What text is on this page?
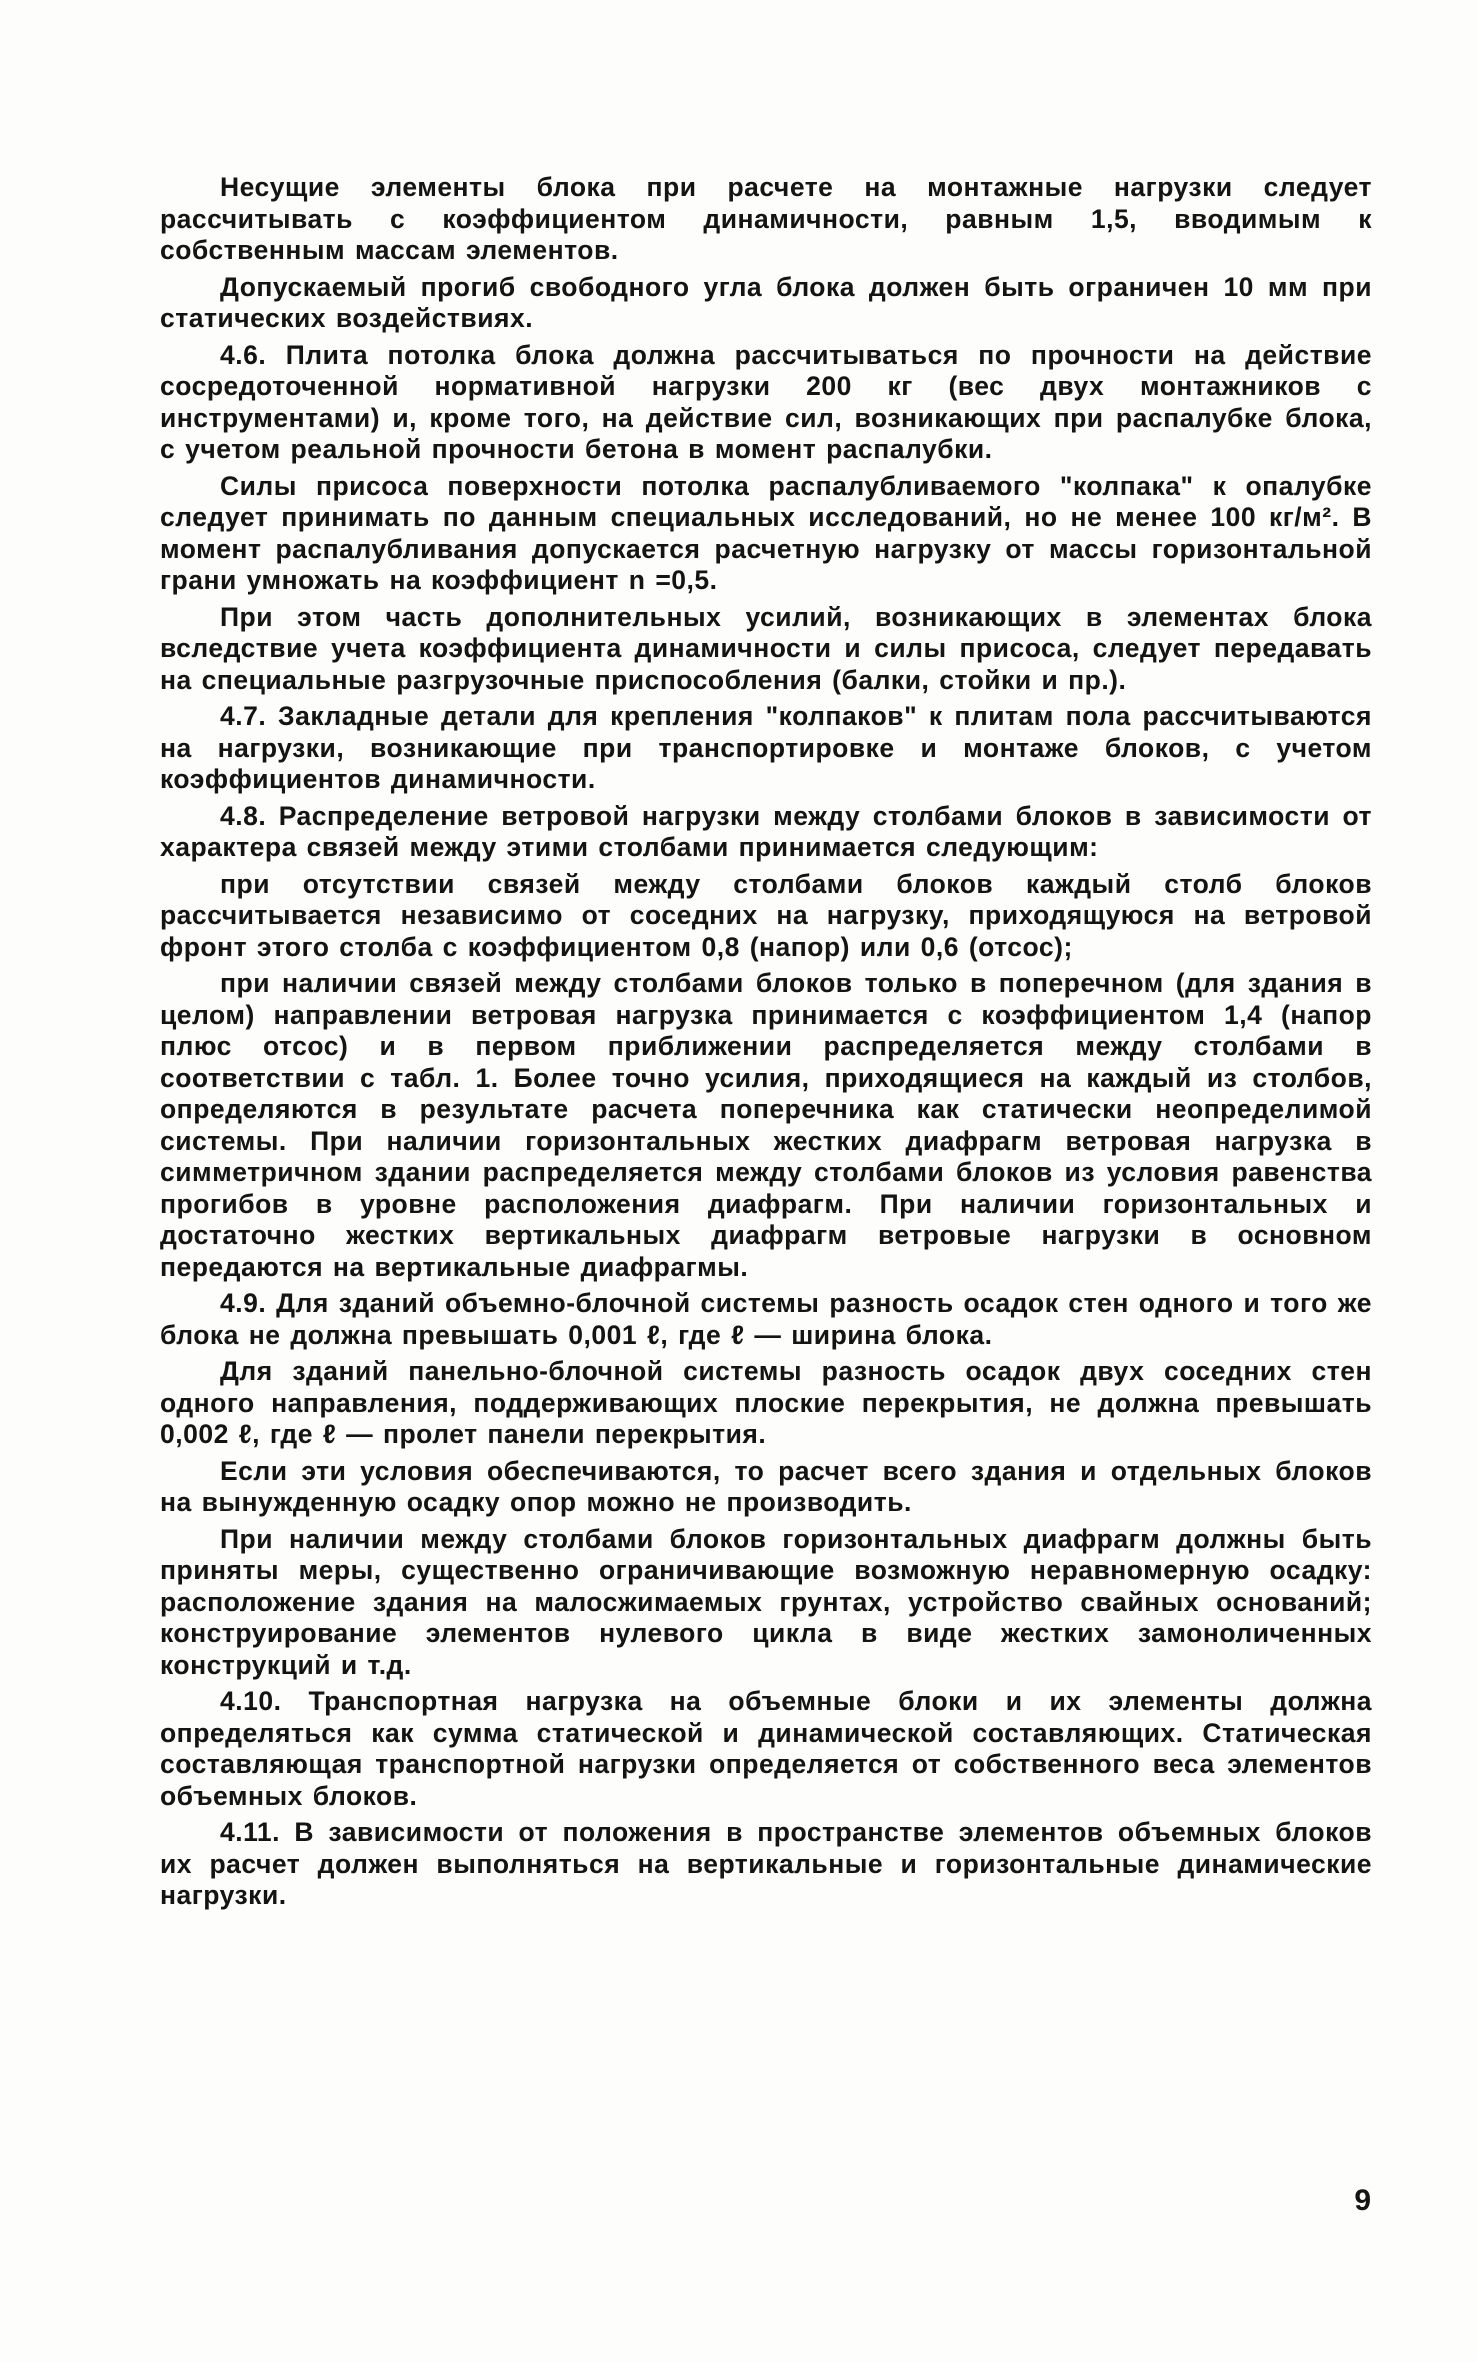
Несущие элементы блока при расчете на монтажные нагрузки следует рассчитывать с коэффициентом динамичности, равным 1,5, вводимым к собственным массам элементов.

Допускаемый прогиб свободного угла блока должен быть ограничен 10 мм при статических воздействиях.

4.6. Плита потолка блока должна рассчитываться по прочности на действие сосредоточенной нормативной нагрузки 200 кг (вес двух монтажников с инструментами) и, кроме того, на действие сил, возникающих при распалубке блока, с учетом реальной прочности бетона в момент распалубки.

Силы присоса поверхности потолка распалубливаемого "колпака" к опалубке следует принимать по данным специальных исследований, но не менее 100 кг/м². В момент распалубливания допускается расчетную нагрузку от массы горизонтальной грани умножать на коэффициент n =0,5.

При этом часть дополнительных усилий, возникающих в элементах блока вследствие учета коэффициента динамичности и силы присоса, следует передавать на специальные разгрузочные приспособления (балки, стойки и пр.).

4.7. Закладные детали для крепления "колпаков" к плитам пола рассчитываются на нагрузки, возникающие при транспортировке и монтаже блоков, с учетом коэффициентов динамичности.

4.8. Распределение ветровой нагрузки между столбами блоков в зависимости от характера связей между этими столбами принимается следующим:

при отсутствии связей между столбами блоков каждый столб блоков рассчитывается независимо от соседних на нагрузку, приходящуюся на ветровой фронт этого столба с коэффициентом 0,8 (напор) или 0,6 (отсос);

при наличии связей между столбами блоков только в поперечном (для здания в целом) направлении ветровая нагрузка принимается с коэффициентом 1,4 (напор плюс отсос) и в первом приближении распределяется между столбами в соответствии с табл. 1. Более точно усилия, приходящиеся на каждый из столбов, определяются в результате расчета поперечника как статически неопределимой системы. При наличии горизонтальных жестких диафрагм ветровая нагрузка в симметричном здании распределяется между столбами блоков из условия равенства прогибов в уровне расположения диафрагм. При наличии горизонтальных и достаточно жестких вертикальных диафрагм ветровые нагрузки в основном передаются на вертикальные диафрагмы.

4.9. Для зданий объемно-блочной системы разность осадок стен одного и того же блока не должна превышать 0,001 ℓ, где ℓ — ширина блока.

Для зданий панельно-блочной системы разность осадок двух соседних стен одного направления, поддерживающих плоские перекрытия, не должна превышать 0,002 ℓ, где ℓ — пролет панели перекрытия.

Если эти условия обеспечиваются, то расчет всего здания и отдельных блоков на вынужденную осадку опор можно не производить.

При наличии между столбами блоков горизонтальных диафрагм должны быть приняты меры, существенно ограничивающие возможную неравномерную осадку: расположение здания на малосжимаемых грунтах, устройство свайных оснований; конструирование элементов нулевого цикла в виде жестких замоноличенных конструкций и т.д.

4.10. Транспортная нагрузка на объемные блоки и их элементы должна определяться как сумма статической и динамической составляющих. Статическая составляющая транспортной нагрузки определяется от собственного веса элементов объемных блоков.

4.11. В зависимости от положения в пространстве элементов объемных блоков их расчет должен выполняться на вертикальные и горизонтальные динамические нагрузки.

9
